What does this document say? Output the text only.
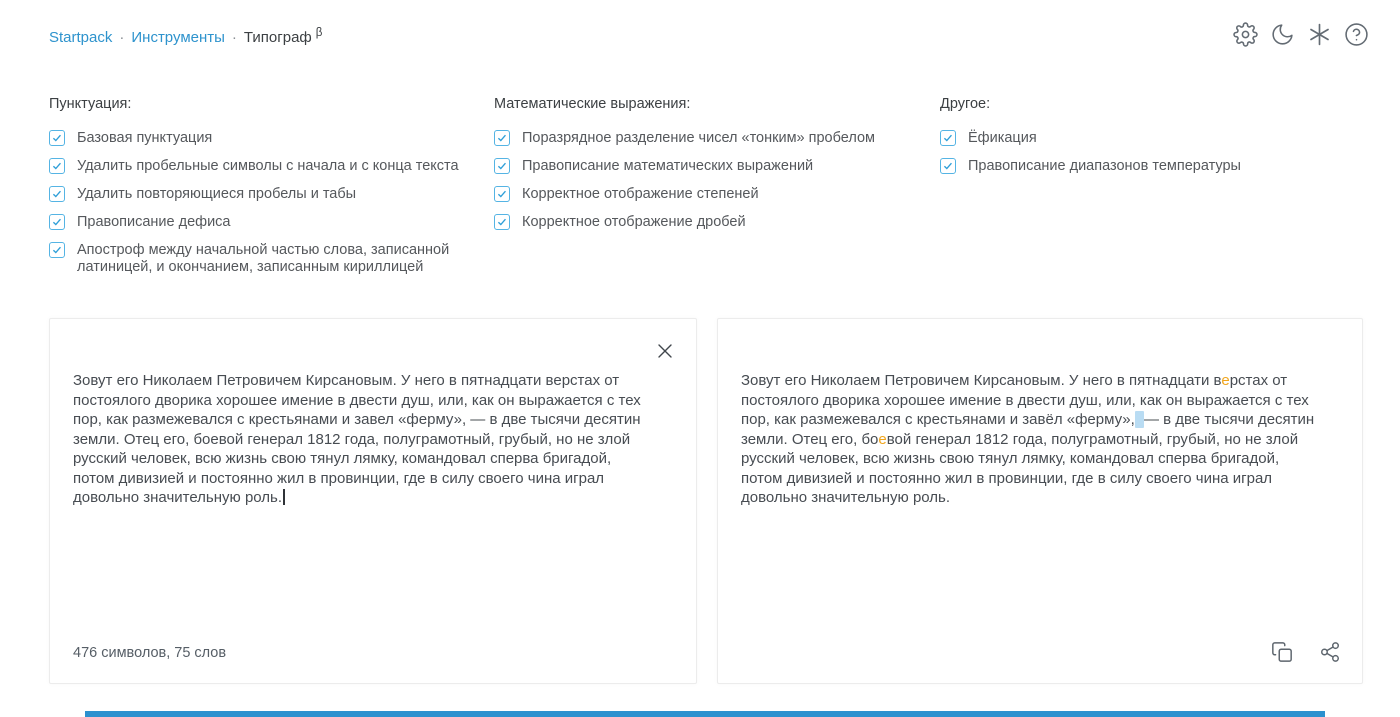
Startpack · Инструменты · Типограф $^\beta$
Пунктуация:
Базовая пунктуация
Удалить пробельные символы с начала и с конца текста
Удалить повторяющиеся пробелы и табы
Правописание дефиса
Апостроф между начальной частью слова, записанной латиницей, и окончанием, записанным кириллицей
Математические выражения:
Поразрядное разделение чисел «тонким» пробелом
Правописание математических выражений
Корректное отображение степеней
Корректное отображение дробей
Другое:
Ёфикация
Правописание диапазонов температуры
Зовут его Николаем Петровичем Кирсановым. У него в пятнадцати верстах от постоялого дворика хорошее имение в двести душ, или, как он выражается с тех пор, как размежевался с крестьянами и завел «ферму», — в две тысячи десятин земли. Отец его, боевой генерал 1812 года, полуграмотный, грубый, но не злой русский человек, всю жизнь свою тянул лямку, командовал сперва бригадой, потом дивизией и постоянно жил в провинции, где в силу своего чина играл довольно значительную роль.
476 символов, 75 слов
Зовут его Николаем Петровичем Кирсановым. У него в пятнадцати верстах от постоялого дворика хорошее имение в двести душ, или, как он выражается с тех пор, как размежевался с крестьянами и завёл «ферму», — в две тысячи десятин земли. Отец его, боевой генерал 1812 года, полуграмотный, грубый, но не злой русский человек, всю жизнь свою тянул лямку, командовал сперва бригадой, потом дивизией и постоянно жил в провинции, где в силу своего чина играл довольно значительную роль.
